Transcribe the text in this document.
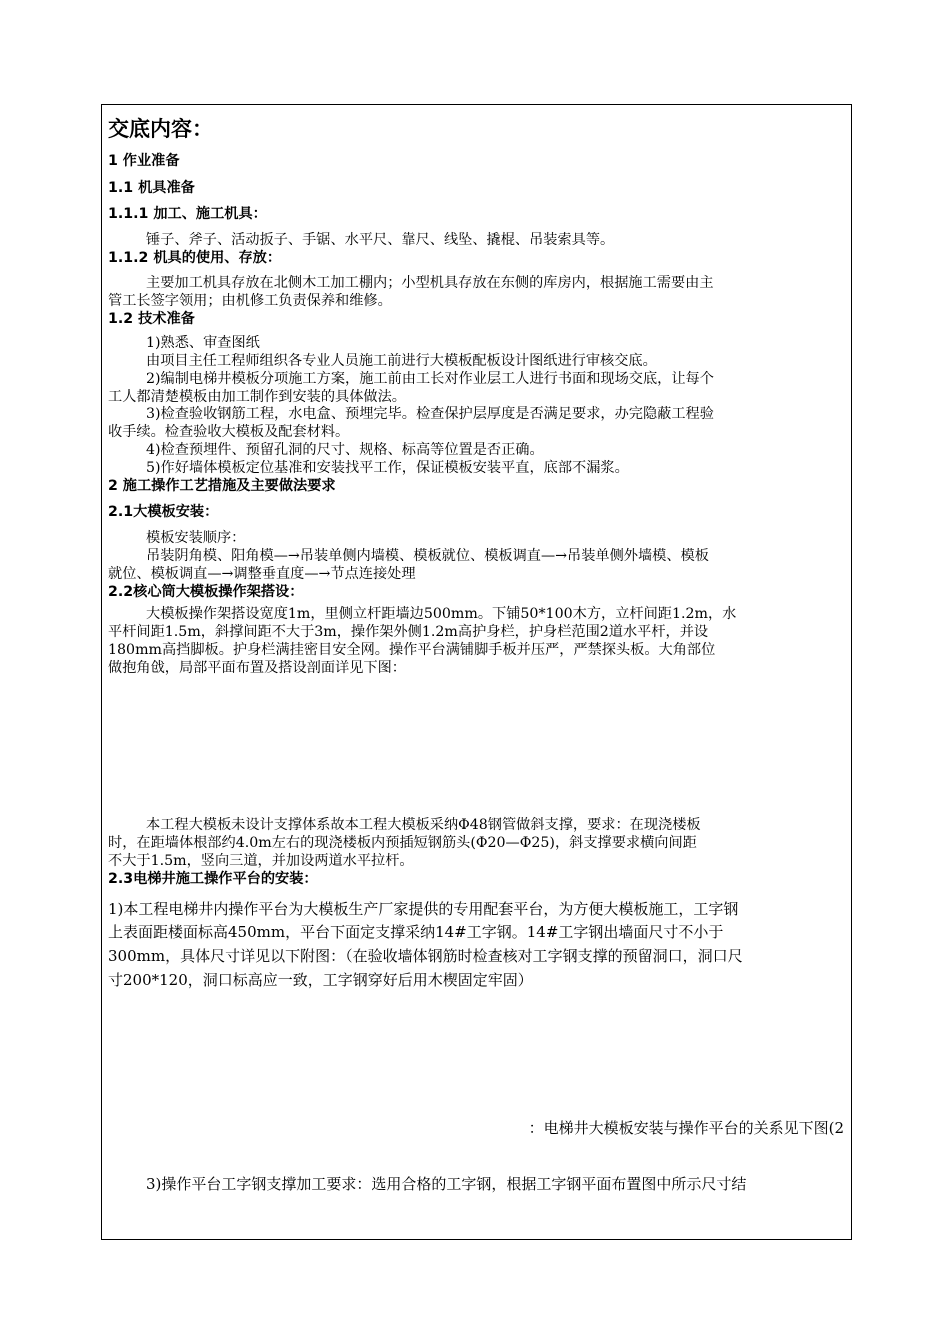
交底内容：
1 作业准备
1.1 机具准备
1.1.1 加工、施工机具：
锤子、斧子、活动扳子、手锯、水平尺、靠尺、线坠、撬棍、吊装索具等。
1.1.2 机具的使用、存放：
主要加工机具存放在北侧木工加工棚内；小型机具存放在东侧的库房内，根据施工需要由主
管工长签字领用；由机修工负责保养和维修。
1.2 技术准备
1)熟悉、审查图纸
由项目主任工程师组织各专业人员施工前进行大模板配板设计图纸进行审核交底。
2)编制电梯井模板分项施工方案，施工前由工长对作业层工人进行书面和现场交底，让每个
工人都清楚模板由加工制作到安装的具体做法。
3)检查验收钢筋工程，水电盒、预埋完毕。检查保护层厚度是否满足要求，办完隐蔽工程验
收手续。检查验收大模板及配套材料。
4)检查预埋件、预留孔洞的尺寸、规格、标高等位置是否正确。
5)作好墙体模板定位基准和安装找平工作，保证模板安装平直，底部不漏浆。
2 施工操作工艺措施及主要做法要求
2.1大模板安装：
模板安装顺序：
吊装阴角模、阳角模—→吊装单侧内墙模、模板就位、模板调直—→吊装单侧外墙模、模板
就位、模板调直—→调整垂直度—→节点连接处理
2.2核心筒大模板操作架搭设：
大模板操作架搭设宽度1m，里侧立杆距墙边500mm。下铺50*100木方，立杆间距1.2m，水
平杆间距1.5m，斜撑间距不大于3m，操作架外侧1.2m高护身栏，护身栏范围2道水平杆，并设
180mm高挡脚板。护身栏满挂密目安全网。操作平台满铺脚手板并压严，严禁探头板。大角部位
做抱角戗，局部平面布置及搭设剖面详见下图：
本工程大模板未设计支撑体系故本工程大模板采纳Φ48钢管做斜支撑，要求：在现浇楼板
时，在距墙体根部约4.0m左右的现浇楼板内预插短钢筋头(Φ20—Φ25)，斜支撑要求横向间距
不大于1.5m，竖向三道，并加设两道水平拉杆。
2.3电梯井施工操作平台的安装：
1)本工程电梯井内操作平台为大模板生产厂家提供的专用配套平台，为方便大模板施工，工字钢
上表面距楼面标高450mm，平台下面定支撑采纳14#工字钢。14#工字钢出墙面尺寸不小于
300mm，具体尺寸详见以下附图：（在验收墙体钢筋时检查核对工字钢支撑的预留洞口，洞口尺
寸200*120，洞口标高应一致，工字钢穿好后用木楔固定牢固）
：电梯井大模板安装与操作平台的关系见下图(2
3)操作平台工字钢支撑加工要求：选用合格的工字钢，根据工字钢平面布置图中所示尺寸结
